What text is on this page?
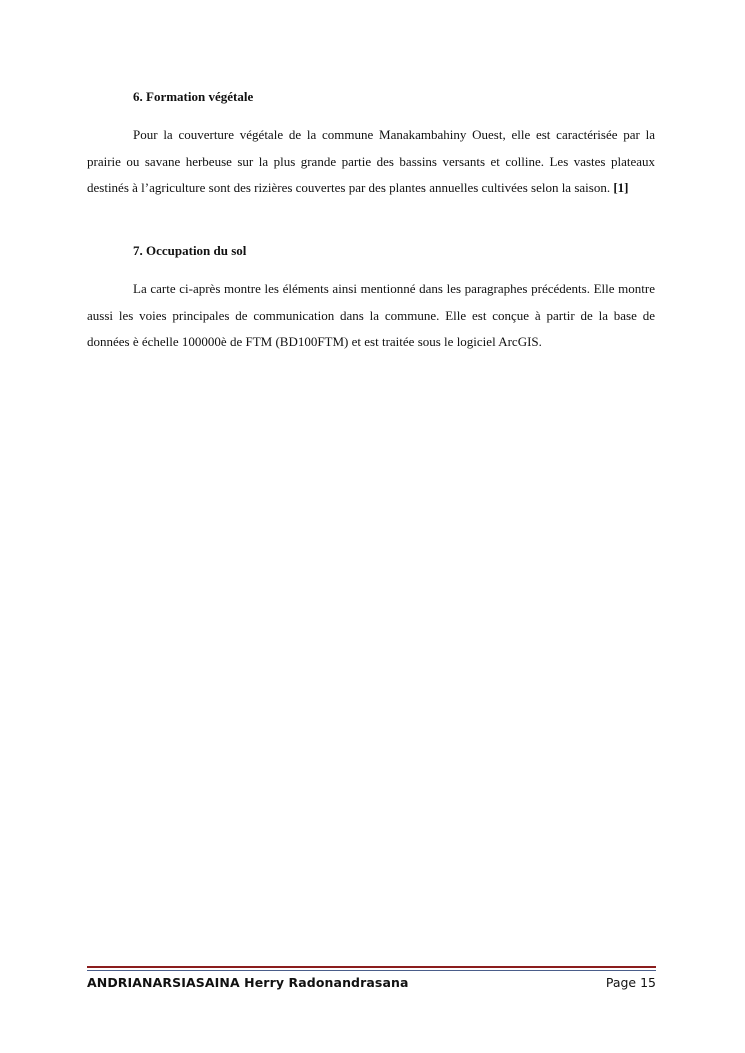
6. Formation végétale

Pour la couverture végétale de la commune Manakambahiny Ouest, elle est caractérisée par la prairie ou savane herbeuse sur la plus grande partie des bassins versants et colline. Les vastes plateaux destinés à l’agriculture sont des rizières couvertes par des plantes annuelles cultivées selon la saison. [1]

7. Occupation du sol

La carte ci-après montre les éléments ainsi mentionné dans les paragraphes précédents. Elle montre aussi les voies principales de communication dans la commune. Elle est conçue à partir de la base de données è échelle 100000è de FTM (BD100FTM) et est traitée sous le logiciel ArcGIS.

ANDRIANARSIASAINA Herry Radonandrasana	Page 15
